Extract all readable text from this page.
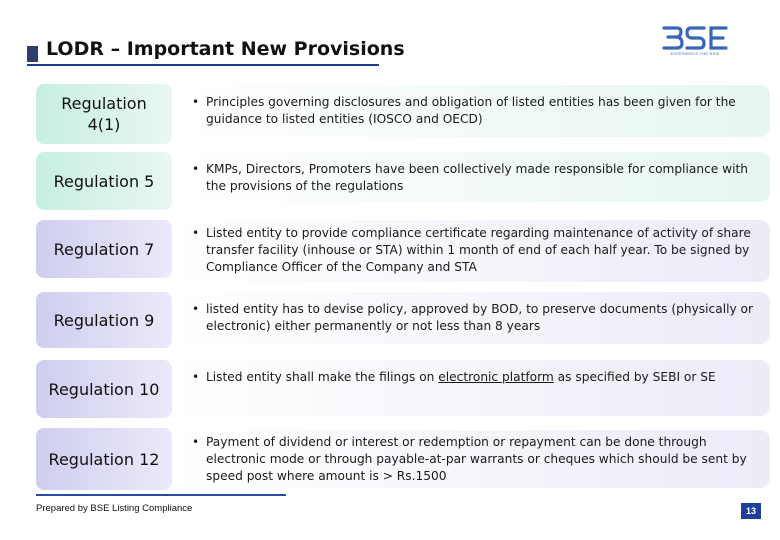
LODR – Important New Provisions	EXPERIENCE THE NEW
Regulation 4(1)
• Principles governing disclosures and obligation of listed entities has been given for the guidance to listed entities (IOSCO and OECD)
Regulation 5
• KMPs, Directors, Promoters have been collectively made responsible for compliance with the provisions of the regulations
Regulation 7
• Listed entity to provide compliance certificate regarding maintenance of activity of share transfer facility (inhouse or STA) within 1 month of end of each half year. To be signed by Compliance Officer of the Company and STA
Regulation 9
• listed entity has to devise policy, approved by BOD, to preserve documents (physically or electronic) either permanently or not less than 8 years
Regulation 10
• Listed entity shall make the filings on electronic platform as specified by SEBI or SE
Regulation 12
• Payment of dividend or interest or redemption or repayment can be done through electronic mode or through payable-at-par warrants or cheques which should be sent by speed post where amount is > Rs.1500
Prepared by BSE Listing Compliance	13
